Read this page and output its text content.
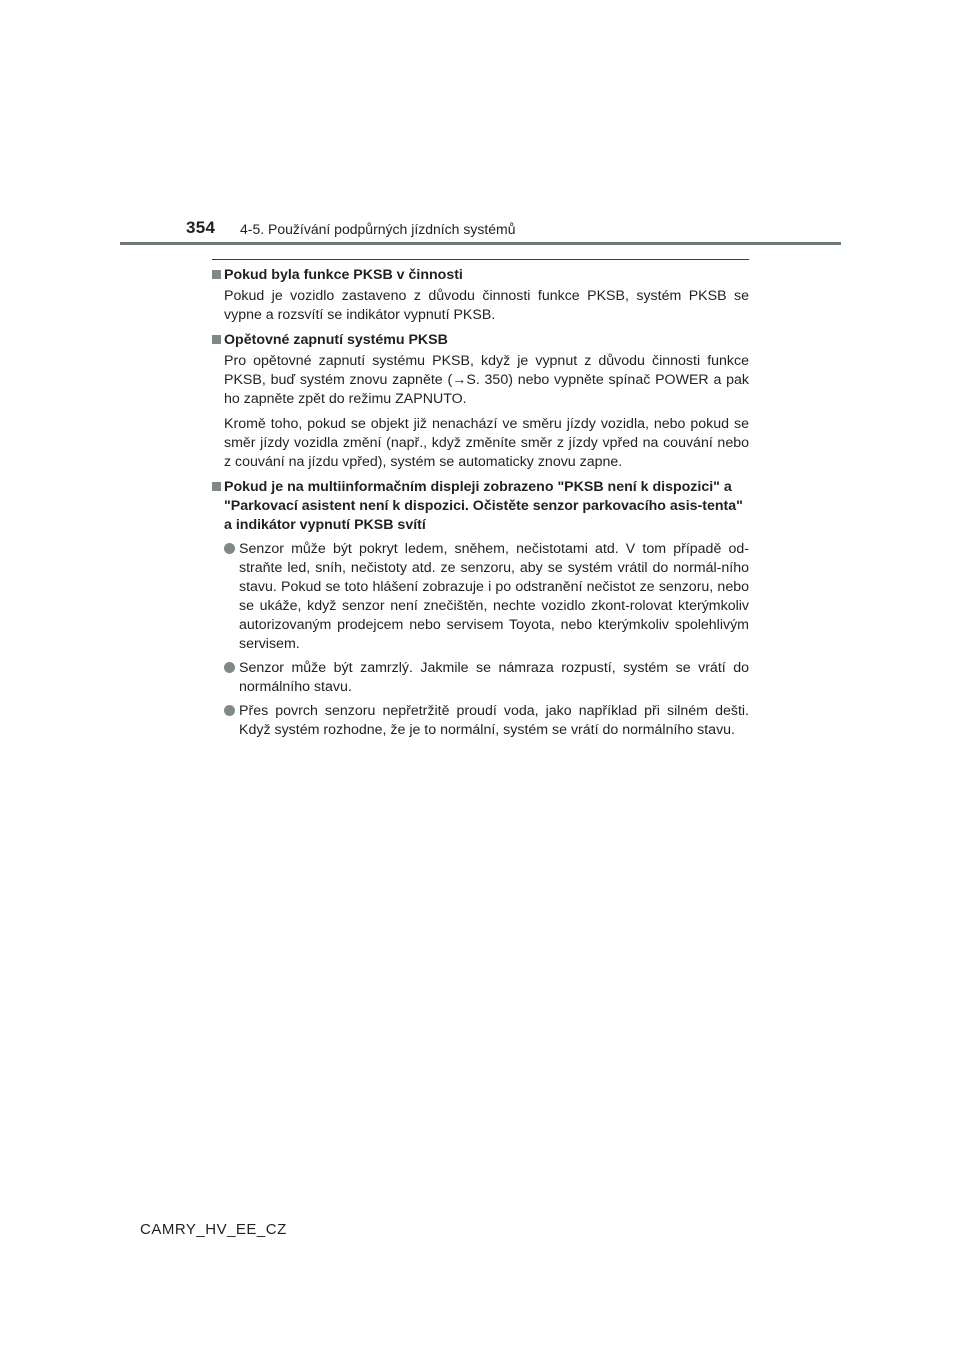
354 4-5. Používání podpůrných jízdních systémů
Pokud byla funkce PKSB v činnosti
Pokud je vozidlo zastaveno z důvodu činnosti funkce PKSB, systém PKSB se vypne a rozsvítí se indikátor vypnutí PKSB.
Opětovné zapnutí systému PKSB
Pro opětovné zapnutí systému PKSB, když je vypnut z důvodu činnosti funkce PKSB, buď systém znovu zapněte (→S. 350) nebo vypněte spínač POWER a pak ho zapněte zpět do režimu ZAPNUTO.
Kromě toho, pokud se objekt již nenachází ve směru jízdy vozidla, nebo pokud se směr jízdy vozidla změní (např., když změníte směr z jízdy vpřed na couvání nebo z couvání na jízdu vpřed), systém se automaticky znovu zapne.
Pokud je na multiinformačním displeji zobrazeno "PKSB není k dispozici" a "Parkovací asistent není k dispozici. Očistěte senzor parkovacího asis-tenta" a indikátor vypnutí PKSB svítí
Senzor může být pokryt ledem, sněhem, nečistotami atd. V tom případě od-straňte led, sníh, nečistoty atd. ze senzoru, aby se systém vrátil do normál-ního stavu. Pokud se toto hlášení zobrazuje i po odstranění nečistot ze senzoru, nebo se ukáže, když senzor není znečištěn, nechte vozidlo zkont-rolovat kterýmkoliv autorizovaným prodejcem nebo servisem Toyota, nebo kterýmkoliv spolehlivým servisem.
Senzor může být zamrzlý. Jakmile se námraza rozpustí, systém se vrátí do normálního stavu.
Přes povrch senzoru nepřetržitě proudí voda, jako například při silném dešti. Když systém rozhodne, že je to normální, systém se vrátí do normálního stavu.
CAMRY_HV_EE_CZ
